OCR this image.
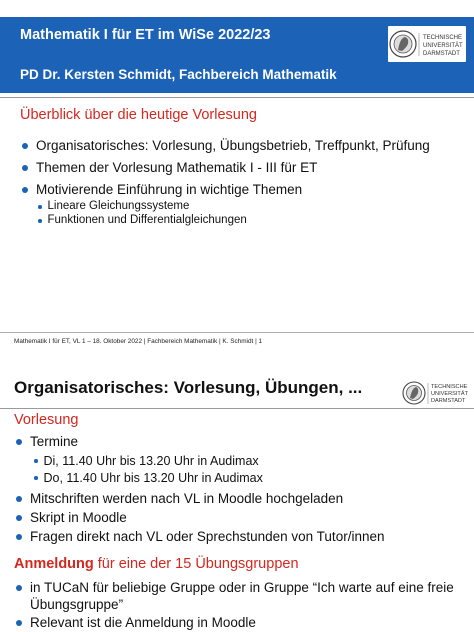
Mathematik I für ET im WiSe 2022/23
PD Dr. Kersten Schmidt, Fachbereich Mathematik
TECHNISCHE
UNIVERSITÄT
DARMSTADT
Überblick über die heutige Vorlesung
Organisatorisches: Vorlesung, Übungsbetrieb, Treffpunkt, Prüfung
Themen der Vorlesung Mathematik I - III für ET
Motivierende Einführung in wichtige Themen
Lineare Gleichungssysteme
Funktionen und Differentialgleichungen
Mathematik I für ET, VL 1 – 18. Oktober 2022 | Fachbereich Mathematik | K. Schmidt | 1
Organisatorisches: Vorlesung, Übungen, ...	TECHNISCHE
UNIVERSITÄT
DARMSTADT
Vorlesung
Termine
Di, 11.40 Uhr bis 13.20 Uhr in Audimax
Do, 11.40 Uhr bis 13.20 Uhr in Audimax
Mitschriften werden nach VL in Moodle hochgeladen
Skript in Moodle
Fragen direkt nach VL oder Sprechstunden von Tutor/innen
Anmeldung für eine der 15 Übungsgruppen
in TUCaN für beliebige Gruppe oder in Gruppe “Ich warte auf eine freie
Übungsgruppe”
Relevant ist die Anmeldung in Moodle
